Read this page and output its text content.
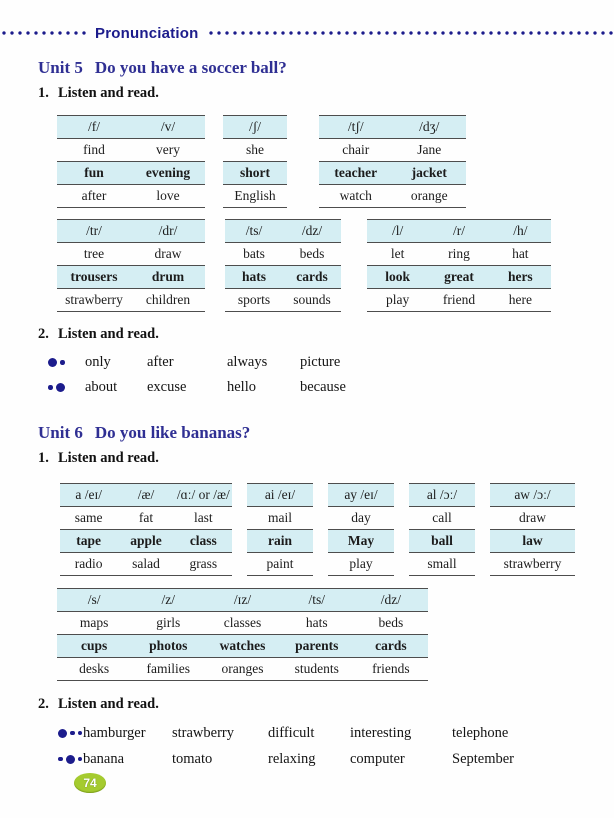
Pronunciation
Unit 5 Do you have a soccer ball?
1. Listen and read.
/f/	/v/
find	very
fun	evening
after	love
/ʃ/
she
short
English
/tʃ/	/dʒ/
chair	Jane
teacher	jacket
watch	orange
/tr/	/dr/
tree	draw
trousers	drum
strawberry	children
/ts/	/dz/
bats	beds
hats	cards
sports	sounds
/l/	/r/	/h/
let	ring	hat
look	great	hers
play	friend	here
2. Listen and read.
only	after	always	picture
about	excuse	hello	because
Unit 6 Do you like bananas?
1. Listen and read.
a /eɪ/	/æ/	/ɑː/ or /æ/
same	fat	last
tape	apple	class
radio	salad	grass
ai /eɪ/
mail
rain
paint
ay /eɪ/
day
May
play
al /ɔː/
call
ball
small
aw /ɔː/
draw
law
strawberry
/s/	/z/	/ɪz/	/ts/	/dz/
maps	girls	classes	hats	beds
cups	photos	watches	parents	cards
desks	families	oranges	students	friends
2. Listen and read.
hamburger	strawberry	difficult	interesting	telephone
banana	tomato	relaxing	computer	September
74
